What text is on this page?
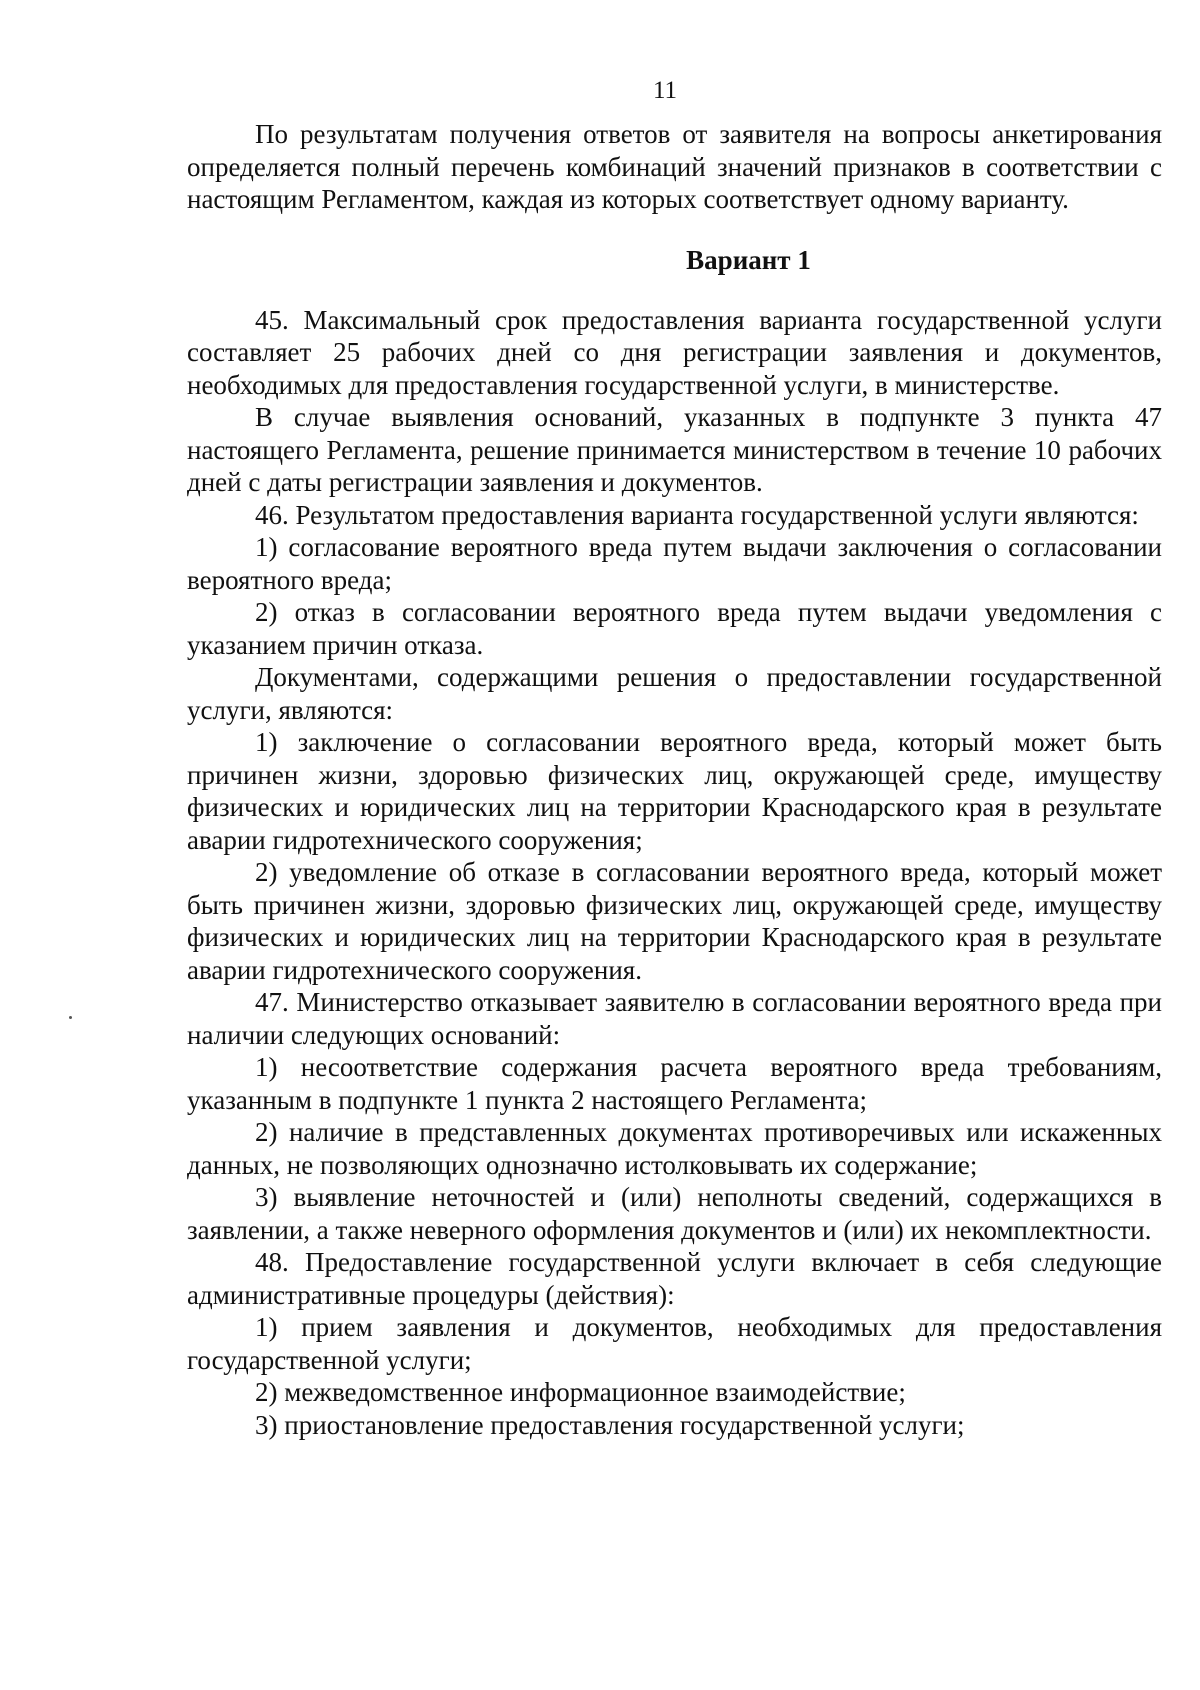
11

По результатам получения ответов от заявителя на вопросы анкетирования определяется полный перечень комбинаций значений признаков в соответствии с настоящим Регламентом, каждая из которых соответствует одному варианту.

Вариант 1

45. Максимальный срок предоставления варианта государственной услуги составляет 25 рабочих дней со дня регистрации заявления и документов, необходимых для предоставления государственной услуги, в министерстве.

В случае выявления оснований, указанных в подпункте 3 пункта 47 настоящего Регламента, решение принимается министерством в течение 10 рабочих дней с даты регистрации заявления и документов.

46. Результатом предоставления варианта государственной услуги являются:

1) согласование вероятного вреда путем выдачи заключения о согласовании вероятного вреда;

2) отказ в согласовании вероятного вреда путем выдачи уведомления с указанием причин отказа.

Документами, содержащими решения о предоставлении государственной услуги, являются:

1) заключение о согласовании вероятного вреда, который может быть причинен жизни, здоровью физических лиц, окружающей среде, имуществу физических и юридических лиц на территории Краснодарского края в результате аварии гидротехнического сооружения;

2) уведомление об отказе в согласовании вероятного вреда, который может быть причинен жизни, здоровью физических лиц, окружающей среде, имуществу физических и юридических лиц на территории Краснодарского края в результате аварии гидротехнического сооружения.

47. Министерство отказывает заявителю в согласовании вероятного вреда при наличии следующих оснований:

1) несоответствие содержания расчета вероятного вреда требованиям, указанным в подпункте 1 пункта 2 настоящего Регламента;

2) наличие в представленных документах противоречивых или искаженных данных, не позволяющих однозначно истолковывать их содержание;

3) выявление неточностей и (или) неполноты сведений, содержащихся в заявлении, а также неверного оформления документов и (или) их некомплектности.

48. Предоставление государственной услуги включает в себя следующие административные процедуры (действия):

1) прием заявления и документов, необходимых для предоставления государственной услуги;

2) межведомственное информационное взаимодействие;

3) приостановление предоставления государственной услуги;
